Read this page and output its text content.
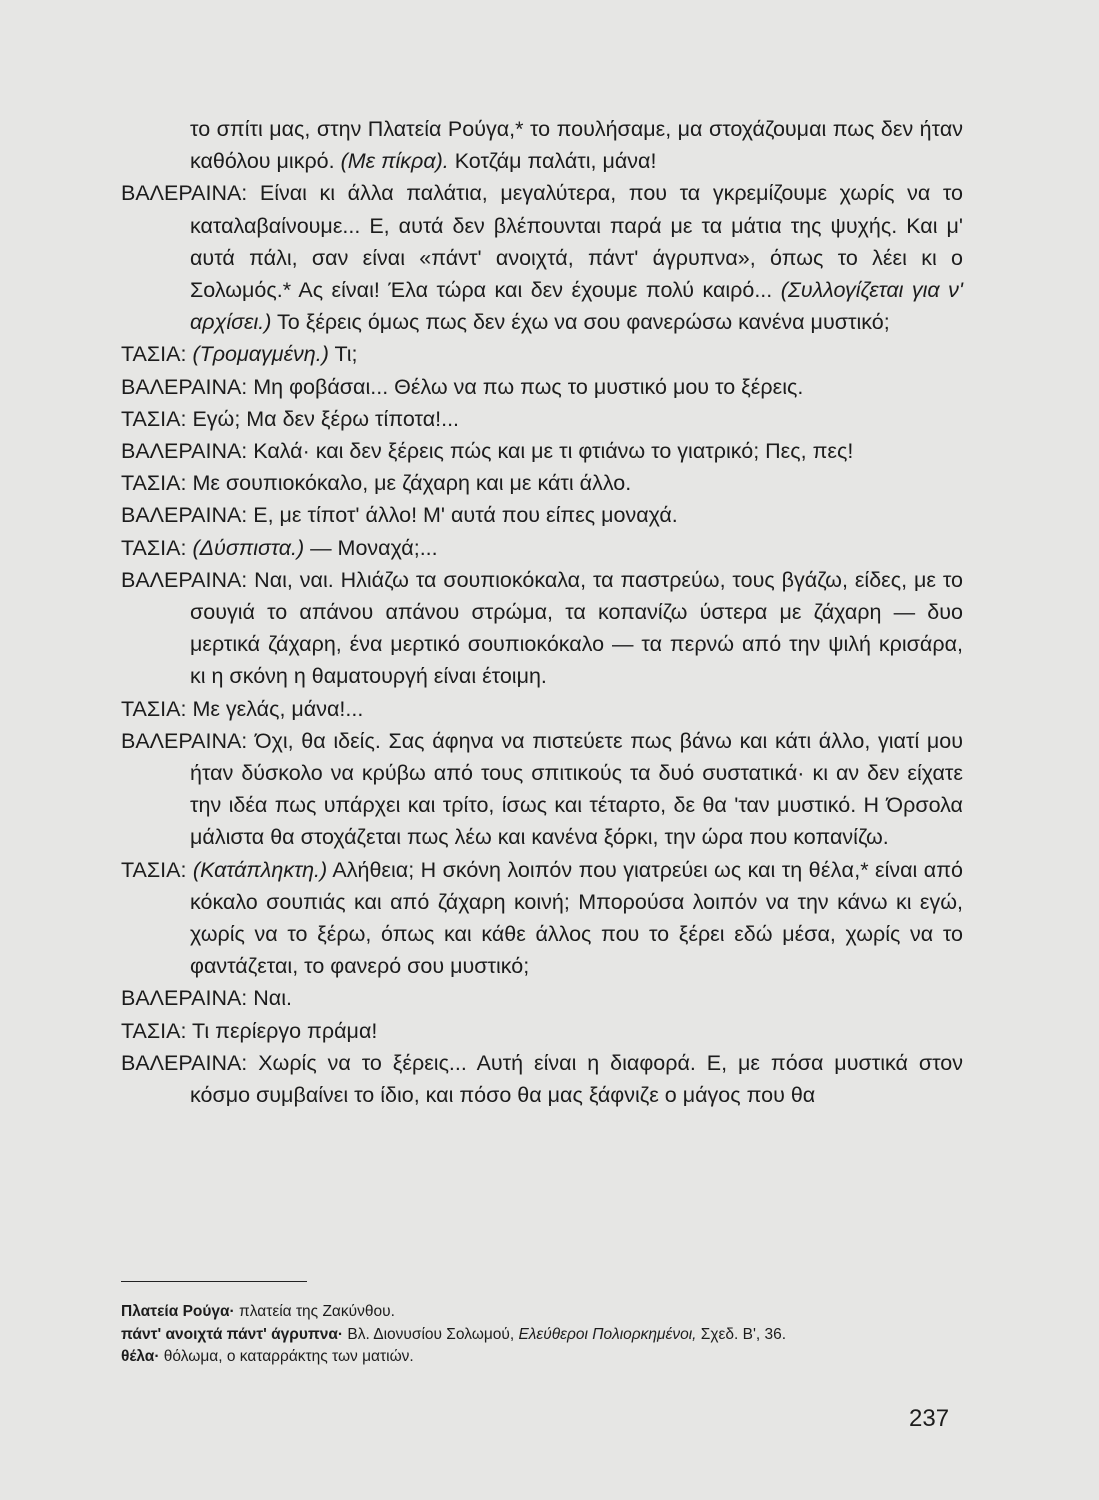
το σπίτι μας, στην Πλατεία Ρούγα,* το πουλήσαμε, μα στοχάζουμαι πως δεν ήταν καθόλου μικρό. (Με πίκρα). Κοτζάμ παλάτι, μάνα!

ΒΑΛΕΡΑΙΝΑ: Είναι κι άλλα παλάτια, μεγαλύτερα, που τα γκρεμίζουμε χωρίς να το καταλαβαίνουμε... Ε, αυτά δεν βλέπουνται παρά με τα μάτια της ψυχής. Και μ' αυτά πάλι, σαν είναι «πάντ' ανοιχτά, πάντ' άγρυπνα», όπως το λέει κι ο Σολωμός.* Ας είναι! Έλα τώρα και δεν έχουμε πολύ καιρό... (Συλλογίζεται για ν' αρχίσει.) Το ξέρεις όμως πως δεν έχω να σου φανερώσω κανένα μυστικό;

ΤΑΣΙΑ: (Τρομαγμένη.) Τι;

ΒΑΛΕΡΑΙΝΑ: Μη φοβάσαι... Θέλω να πω πως το μυστικό μου το ξέρεις.

ΤΑΣΙΑ: Εγώ; Μα δεν ξέρω τίποτα!...

ΒΑΛΕΡΑΙΝΑ: Καλά· και δεν ξέρεις πώς και με τι φτιάνω το γιατρικό; Πες, πες!

ΤΑΣΙΑ: Με σουπιοκόκαλο, με ζάχαρη και με κάτι άλλο.

ΒΑΛΕΡΑΙΝΑ: Ε, με τίποτ' άλλο! Μ' αυτά που είπες μοναχά.

ΤΑΣΙΑ: (Δύσπιστα.) — Μοναχά;...

ΒΑΛΕΡΑΙΝΑ: Ναι, ναι. Ηλιάζω τα σουπιοκόκαλα, τα παστρεύω, τους βγάζω, είδες, με το σουγιά το απάνου απάνου στρώμα, τα κοπανίζω ύστερα με ζάχαρη — δυο μερτικά ζάχαρη, ένα μερτικό σουπιοκόκαλο — τα περνώ από την ψιλή κρισάρα, κι η σκόνη η θαματουργή είναι έτοιμη.

ΤΑΣΙΑ: Με γελάς, μάνα!...

ΒΑΛΕΡΑΙΝΑ: Όχι, θα ιδείς. Σας άφηνα να πιστεύετε πως βάνω και κάτι άλλο, γιατί μου ήταν δύσκολο να κρύβω από τους σπιτικούς τα δυό συστατικά· κι αν δεν είχατε την ιδέα πως υπάρχει και τρίτο, ίσως και τέταρτο, δε θα 'ταν μυστικό. Η Όρσολα μάλιστα θα στοχάζεται πως λέω και κανένα ξόρκι, την ώρα που κοπανίζω.

ΤΑΣΙΑ: (Κατάπληκτη.) Αλήθεια; Η σκόνη λοιπόν που γιατρεύει ως και τη θέλα,* είναι από κόκαλο σουπιάς και από ζάχαρη κοινή; Μπορούσα λοιπόν να την κάνω κι εγώ, χωρίς να το ξέρω, όπως και κάθε άλλος που το ξέρει εδώ μέσα, χωρίς να το φαντάζεται, το φανερό σου μυστικό;

ΒΑΛΕΡΑΙΝΑ: Ναι.

ΤΑΣΙΑ: Τι περίεργο πράμα!

ΒΑΛΕΡΑΙΝΑ: Χωρίς να το ξέρεις... Αυτή είναι η διαφορά. Ε, με πόσα μυστικά στον κόσμο συμβαίνει το ίδιο, και πόσο θα μας ξάφνιζε ο μάγος που θα

Πλατεία Ρούγα· πλατεία της Ζακύνθου.
πάντ' ανοιχτά πάντ' άγρυπνα· Βλ. Διονυσίου Σολωμού, Ελεύθεροι Πολιορκημένοι, Σχεδ. Β', 36.
θέλα· θόλωμα, ο καταρράκτης των ματιών.
237
